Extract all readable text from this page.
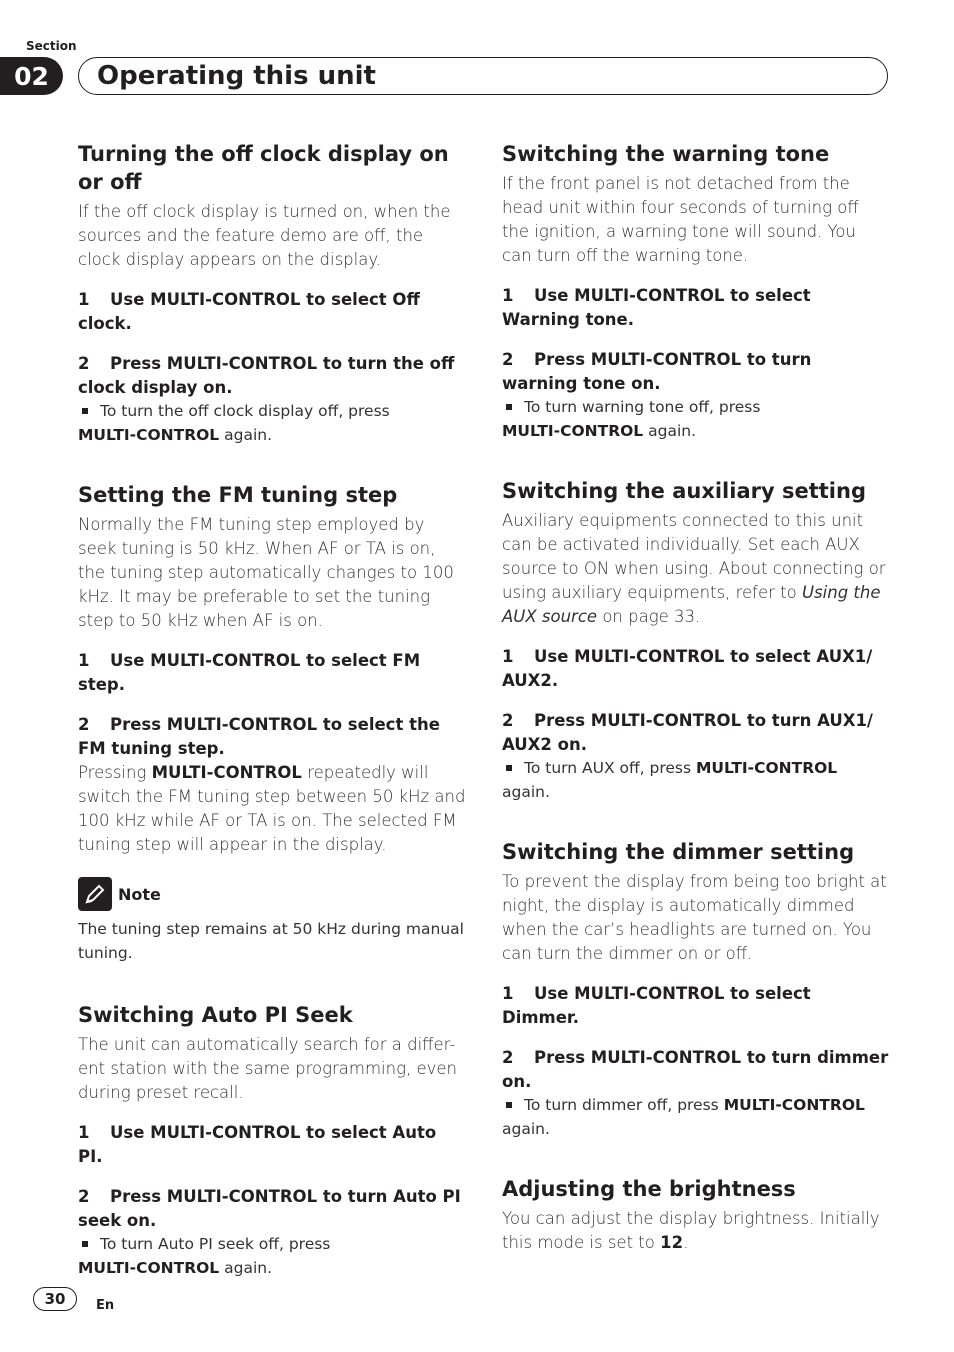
Section
02	Operating this unit
Turning the off clock display on or off

If the off clock display is turned on, when the sources and the feature demo are off, the clock display appears on the display.

1 Use MULTI-CONTROL to select Off clock.
2 Press MULTI-CONTROL to turn the off clock display on.
To turn the off clock display off, press
MULTI-CONTROL again.
Setting the FM tuning step

Normally the FM tuning step employed by seek tuning is 50 kHz. When AF or TA is on, the tuning step automatically changes to 100 kHz. It may be preferable to set the tuning step to 50 kHz when AF is on.

1 Use MULTI-CONTROL to select FM step.
2 Press MULTI-CONTROL to select the FM tuning step.

Pressing MULTI-CONTROL repeatedly will switch the FM tuning step between 50 kHz and 100 kHz while AF or TA is on. The selected FM tuning step will appear in the display.

Note
The tuning step remains at 50 kHz during manual tuning.
Switching Auto PI Seek

The unit can automatically search for a differ-ent station with the same programming, even during preset recall.

1 Use MULTI-CONTROL to select Auto PI.
2 Press MULTI-CONTROL to turn Auto PI seek on.
To turn Auto PI seek off, press
MULTI-CONTROL again.
Switching the warning tone

If the front panel is not detached from the head unit within four seconds of turning off the ignition, a warning tone will sound. You can turn off the warning tone.

1 Use MULTI-CONTROL to select Warning tone.
2 Press MULTI-CONTROL to turn warning tone on.
To turn warning tone off, press
MULTI-CONTROL again.
Switching the auxiliary setting

Auxiliary equipments connected to this unit can be activated individually. Set each AUX source to ON when using. About connecting or using auxiliary equipments, refer to Using the AUX source on page 33.

1 Use MULTI-CONTROL to select AUX1/ AUX2.
2 Press MULTI-CONTROL to turn AUX1/ AUX2 on.
To turn AUX off, press MULTI-CONTROL
again.
Switching the dimmer setting

To prevent the display from being too bright at night, the display is automatically dimmed when the car’s headlights are turned on. You can turn the dimmer on or off.

1 Use MULTI-CONTROL to select Dimmer.
2 Press MULTI-CONTROL to turn dimmer on.
To turn dimmer off, press MULTI-CONTROL
again.
Adjusting the brightness

You can adjust the display brightness. Initially this mode is set to 12.

30	En
